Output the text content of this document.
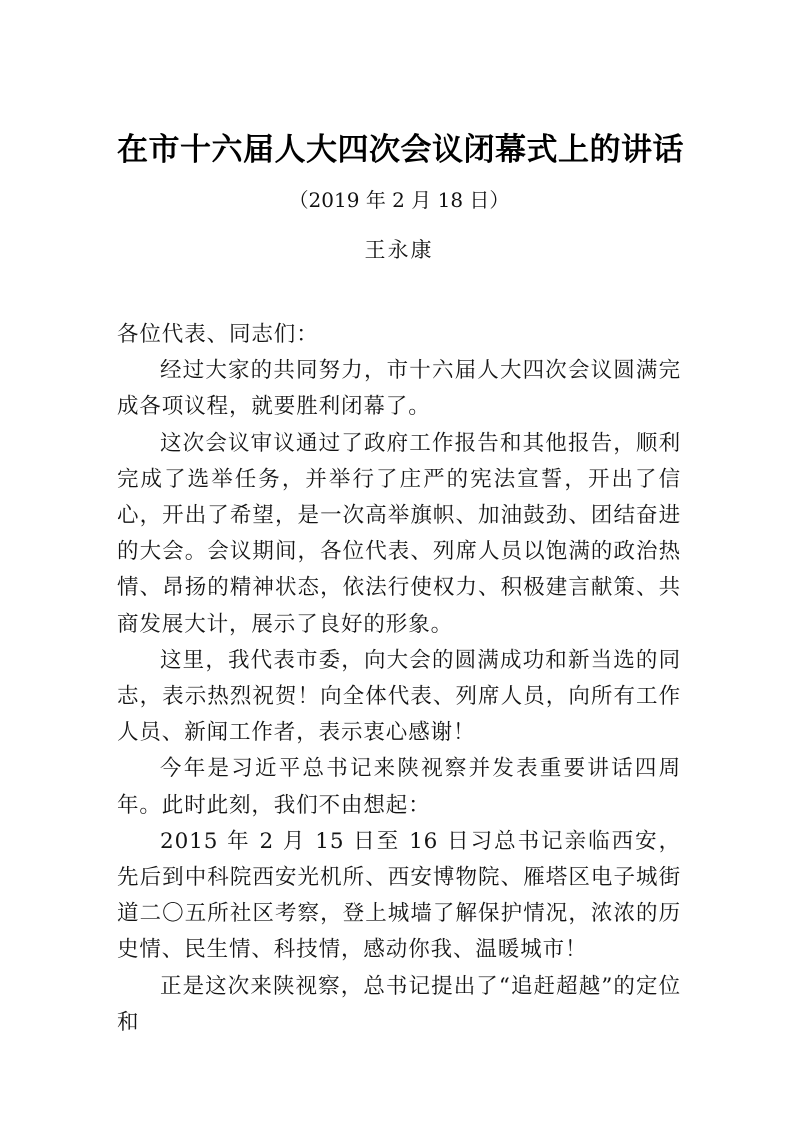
在市十六届人大四次会议闭幕式上的讲话

（2019 年 2 月 18 日）

王永康

各位代表、同志们：

经过大家的共同努力，市十六届人大四次会议圆满完成各项议程，就要胜利闭幕了。

这次会议审议通过了政府工作报告和其他报告，顺利完成了选举任务，并举行了庄严的宪法宣誓，开出了信心，开出了希望，是一次高举旗帜、加油鼓劲、团结奋进的大会。会议期间，各位代表、列席人员以饱满的政治热情、昂扬的精神状态，依法行使权力、积极建言献策、共商发展大计，展示了良好的形象。

这里，我代表市委，向大会的圆满成功和新当选的同志，表示热烈祝贺！向全体代表、列席人员，向所有工作人员、新闻工作者，表示衷心感谢！

今年是习近平总书记来陕视察并发表重要讲话四周年。此时此刻，我们不由想起：

2015 年 2 月 15 日至 16 日习总书记亲临西安，先后到中科院西安光机所、西安博物院、雁塔区电子城街道二〇五所社区考察，登上城墙了解保护情况，浓浓的历史情、民生情、科技情，感动你我、温暖城市！

正是这次来陕视察，总书记提出了“追赶超越”的定位和
